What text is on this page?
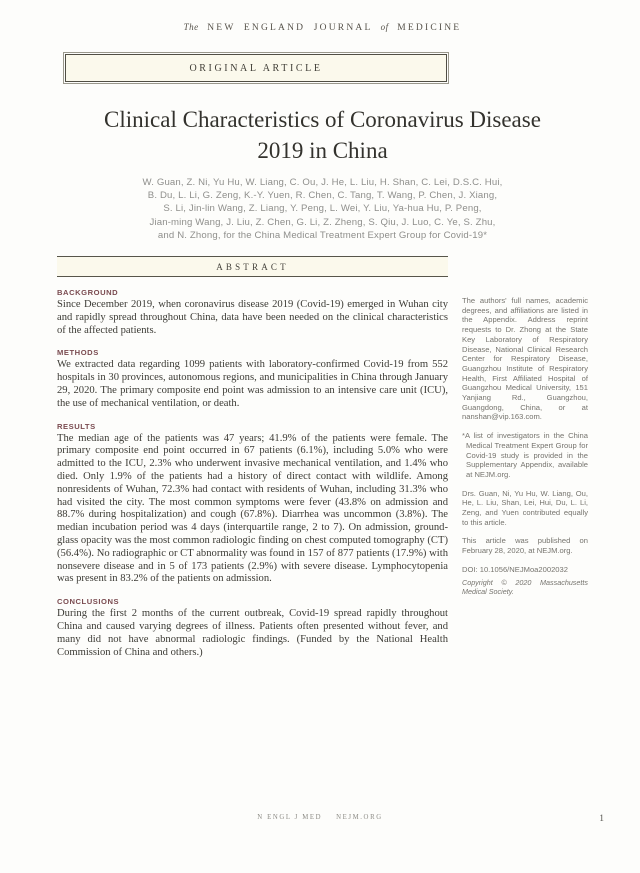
The NEW ENGLAND JOURNAL of MEDICINE
ORIGINAL ARTICLE
Clinical Characteristics of Coronavirus Disease 2019 in China
W. Guan, Z. Ni, Yu Hu, W. Liang, C. Ou, J. He, L. Liu, H. Shan, C. Lei, D.S.C. Hui,
B. Du, L. Li, G. Zeng, K.-Y. Yuen, R. Chen, C. Tang, T. Wang, P. Chen, J. Xiang,
S. Li, Jin-lin Wang, Z. Liang, Y. Peng, L. Wei, Y. Liu, Ya-hua Hu, P. Peng,
Jian-ming Wang, J. Liu, Z. Chen, G. Li, Z. Zheng, S. Qiu, J. Luo, C. Ye, S. Zhu,
and N. Zhong, for the China Medical Treatment Expert Group for Covid-19*
ABSTRACT
BACKGROUND
Since December 2019, when coronavirus disease 2019 (Covid-19) emerged in Wuhan city and rapidly spread throughout China, data have been needed on the clinical characteristics of the affected patients.
METHODS
We extracted data regarding 1099 patients with laboratory-confirmed Covid-19 from 552 hospitals in 30 provinces, autonomous regions, and municipalities in China through January 29, 2020. The primary composite end point was admission to an intensive care unit (ICU), the use of mechanical ventilation, or death.
RESULTS
The median age of the patients was 47 years; 41.9% of the patients were female. The primary composite end point occurred in 67 patients (6.1%), including 5.0% who were admitted to the ICU, 2.3% who underwent invasive mechanical ventilation, and 1.4% who died. Only 1.9% of the patients had a history of direct contact with wildlife. Among nonresidents of Wuhan, 72.3% had contact with residents of Wuhan, including 31.3% who had visited the city. The most common symptoms were fever (43.8% on admission and 88.7% during hospitalization) and cough (67.8%). Diarrhea was uncommon (3.8%). The median incubation period was 4 days (interquartile range, 2 to 7). On admission, ground-glass opacity was the most common radiologic finding on chest computed tomography (CT) (56.4%). No radiographic or CT abnormality was found in 157 of 877 patients (17.9%) with nonsevere disease and in 5 of 173 patients (2.9%) with severe disease. Lymphocytopenia was present in 83.2% of the patients on admission.
CONCLUSIONS
During the first 2 months of the current outbreak, Covid-19 spread rapidly throughout China and caused varying degrees of illness. Patients often presented without fever, and many did not have abnormal radiologic findings. (Funded by the National Health Commission of China and others.)
The authors' full names, academic degrees, and affiliations are listed in the Appendix. Address reprint requests to Dr. Zhong at the State Key Laboratory of Respiratory Disease, National Clinical Research Center for Respiratory Disease, Guangzhou Institute of Respiratory Health, First Affiliated Hospital of Guangzhou Medical University, 151 Yanjiang Rd., Guangzhou, Guangdong, China, or at nanshan@vip.163.com.
*A list of investigators in the China Medical Treatment Expert Group for Covid-19 study is provided in the Supplementary Appendix, available at NEJM.org.
Drs. Guan, Ni, Yu Hu, W. Liang, Ou, He, L. Liu, Shan, Lei, Hui, Du, L. Li, Zeng, and Yuen contributed equally to this article.
This article was published on February 28, 2020, at NEJM.org.
DOI: 10.1056/NEJMoa2002032
Copyright © 2020 Massachusetts Medical Society.
N ENGL J MED NEJM.ORG	1
